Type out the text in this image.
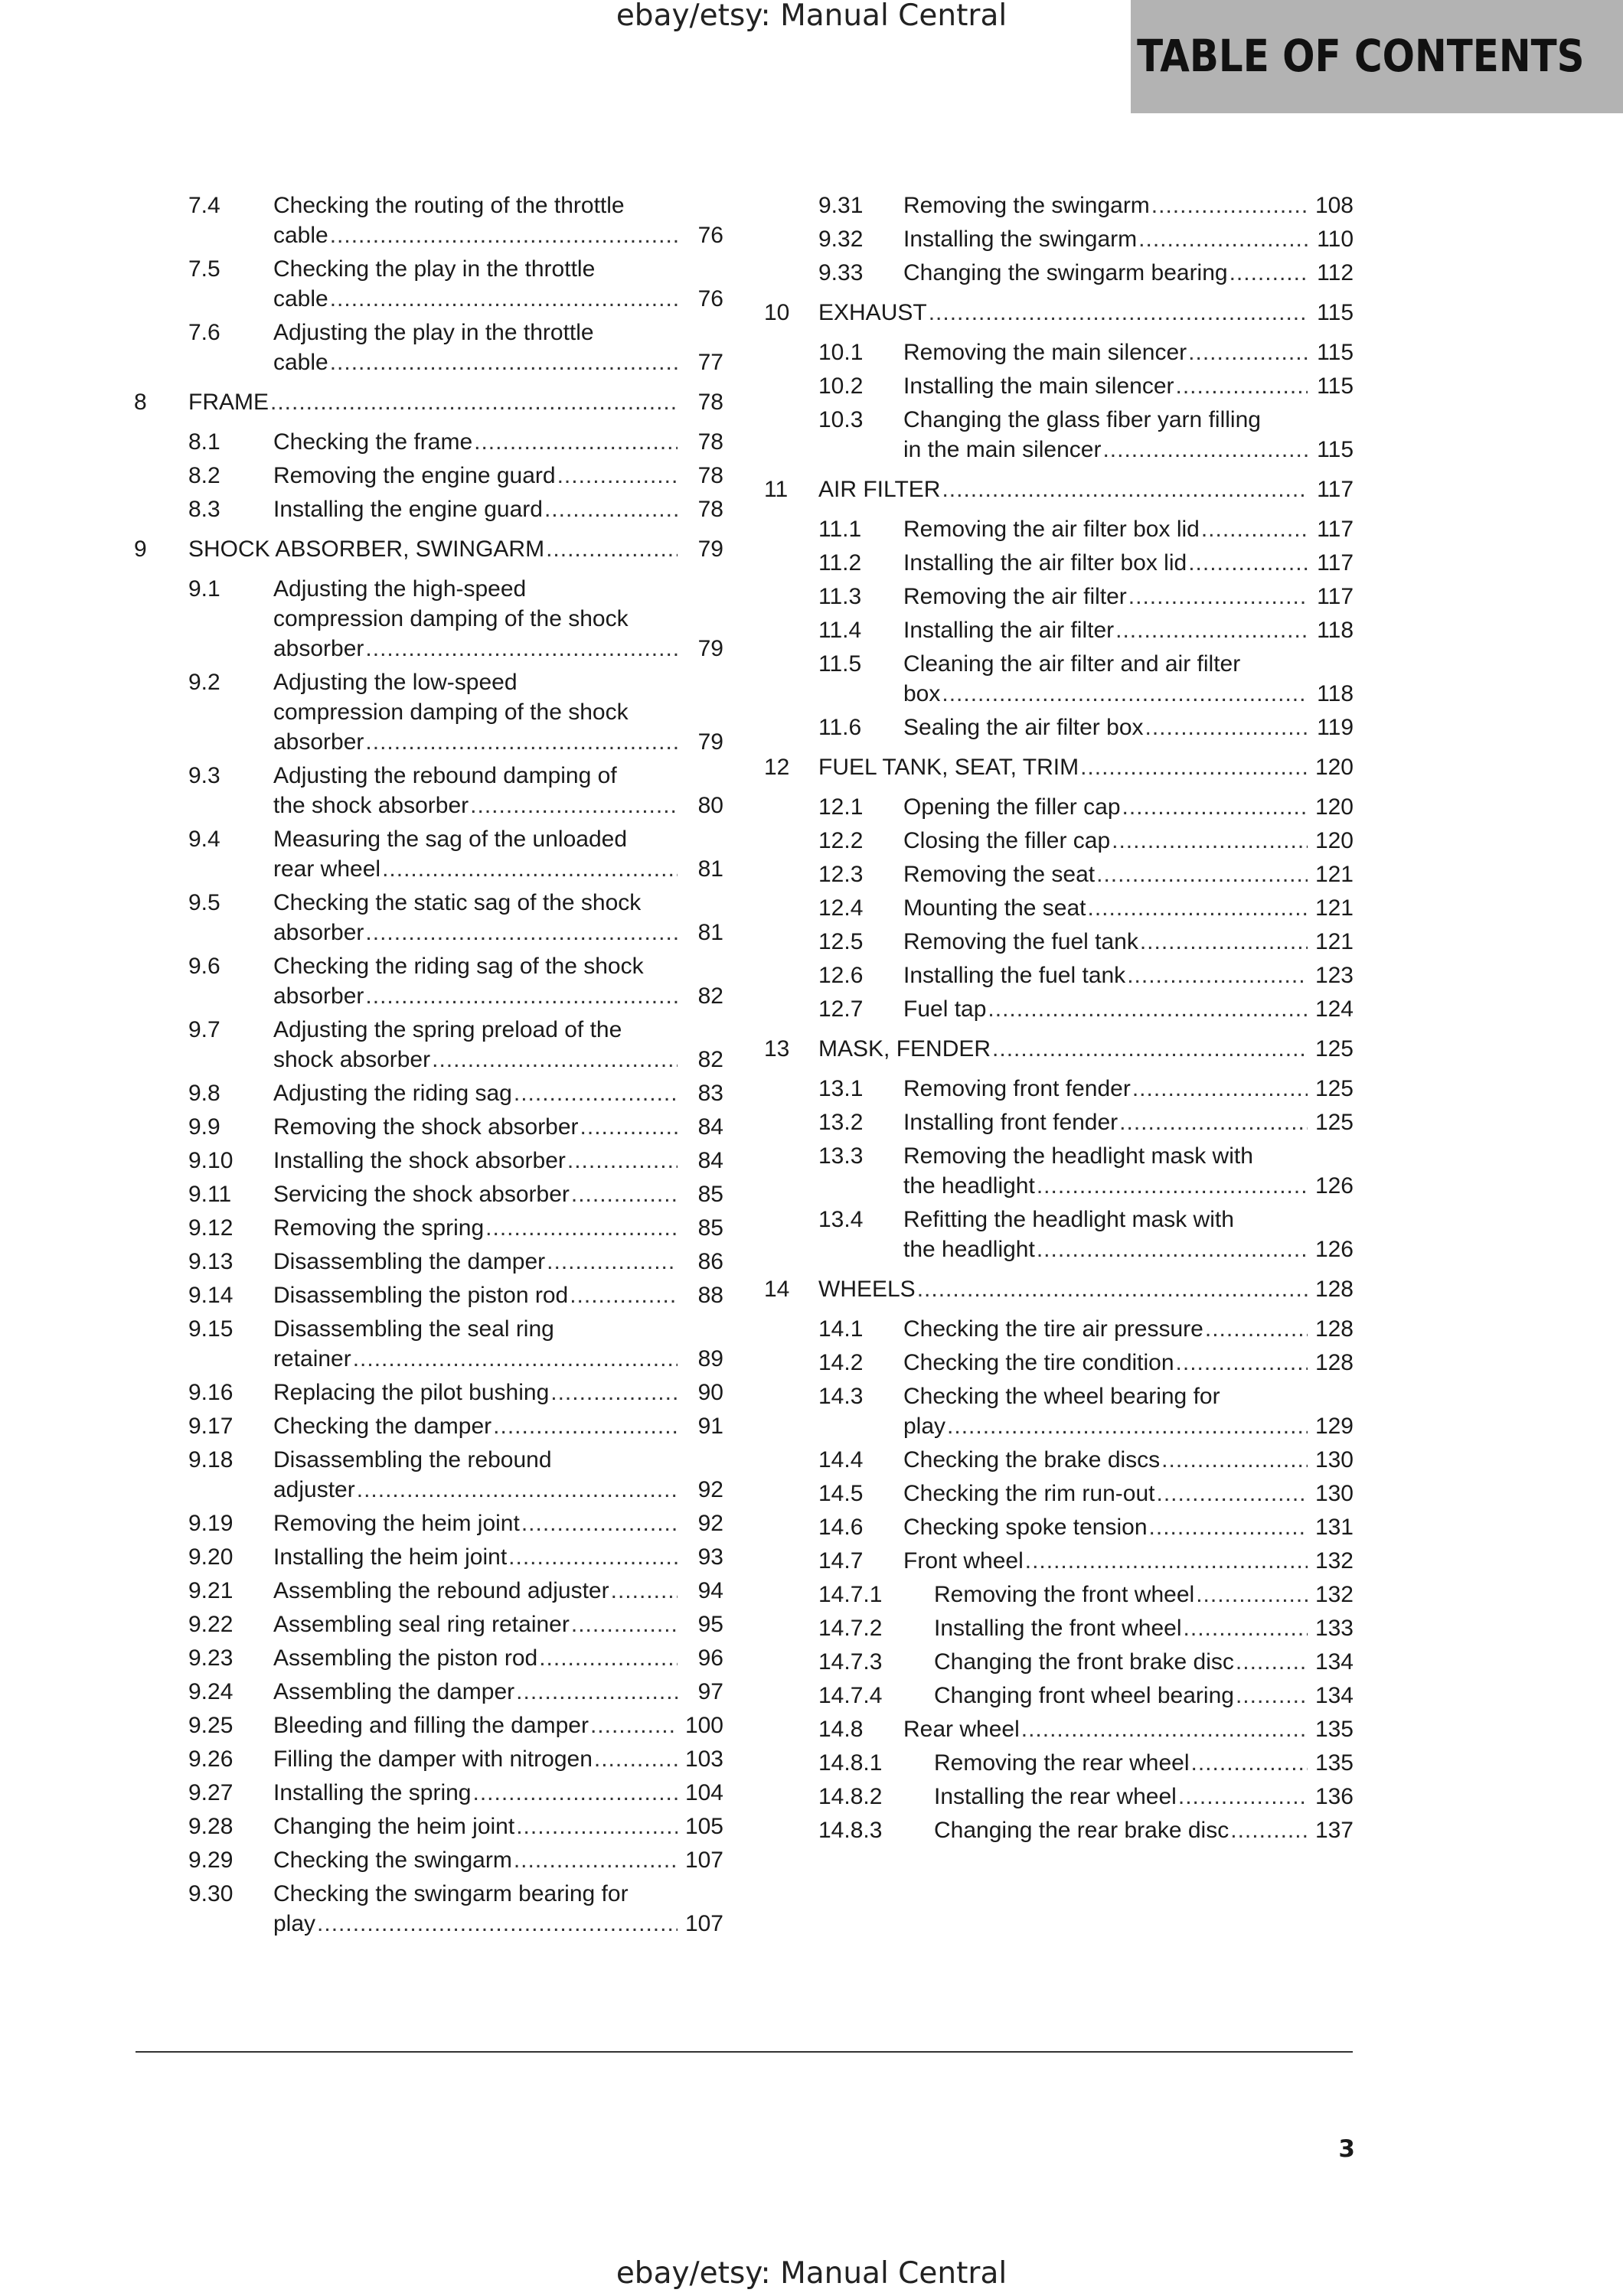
ebay/etsy: Manual Central
TABLE OF CONTENTS
7.4 Checking the routing of the throttle
cable .....	76
7.5 Checking the play in the throttle
cable .....	76
7.6 Adjusting the play in the throttle
cable .....	77
8 FRAME .....	78
8.1 Checking the frame .....	78
8.2 Removing the engine guard .....	78
8.3 Installing the engine guard .....	78
9 SHOCK ABSORBER, SWINGARM .....	79
9.1 Adjusting the high-speed
compression damping of the shock
absorber .....	79
9.2 Adjusting the low-speed
compression damping of the shock
absorber .....	79
9.3 Adjusting the rebound damping of
the shock absorber .....	80
9.4 Measuring the sag of the unloaded
rear wheel .....	81
9.5 Checking the static sag of the shock
absorber .....	81
9.6 Checking the riding sag of the shock
absorber .....	82
9.7 Adjusting the spring preload of the
shock absorber .....	82
9.8 Adjusting the riding sag .....	83
9.9 Removing the shock absorber .....	84
9.10 Installing the shock absorber .....	84
9.11 Servicing the shock absorber .....	85
9.12 Removing the spring .....	85
9.13 Disassembling the damper .....	86
9.14 Disassembling the piston rod .....	88
9.15 Disassembling the seal ring
retainer .....	89
9.16 Replacing the pilot bushing .....	90
9.17 Checking the damper .....	91
9.18 Disassembling the rebound
adjuster .....	92
9.19 Removing the heim joint .....	92
9.20 Installing the heim joint .....	93
9.21 Assembling the rebound adjuster .....	94
9.22 Assembling seal ring retainer .....	95
9.23 Assembling the piston rod .....	96
9.24 Assembling the damper .....	97
9.25 Bleeding and filling the damper .....	100
9.26 Filling the damper with nitrogen .....	103
9.27 Installing the spring .....	104
9.28 Changing the heim joint .....	105
9.29 Checking the swingarm .....	107
9.30 Checking the swingarm bearing for
play .....	107
9.31 Removing the swingarm .....	108
9.32 Installing the swingarm .....	110
9.33 Changing the swingarm bearing .....	112
10 EXHAUST .....	115
10.1 Removing the main silencer .....	115
10.2 Installing the main silencer .....	115
10.3 Changing the glass fiber yarn filling
in the main silencer .....	115
11 AIR FILTER .....	117
11.1 Removing the air filter box lid .....	117
11.2 Installing the air filter box lid .....	117
11.3 Removing the air filter .....	117
11.4 Installing the air filter .....	118
11.5 Cleaning the air filter and air filter
box .....	118
11.6 Sealing the air filter box .....	119
12 FUEL TANK, SEAT, TRIM .....	120
12.1 Opening the filler cap .....	120
12.2 Closing the filler cap .....	120
12.3 Removing the seat .....	121
12.4 Mounting the seat .....	121
12.5 Removing the fuel tank .....	121
12.6 Installing the fuel tank .....	123
12.7 Fuel tap .....	124
13 MASK, FENDER .....	125
13.1 Removing front fender .....	125
13.2 Installing front fender .....	125
13.3 Removing the headlight mask with
the headlight .....	126
13.4 Refitting the headlight mask with
the headlight .....	126
14 WHEELS .....	128
14.1 Checking the tire air pressure .....	128
14.2 Checking the tire condition .....	128
14.3 Checking the wheel bearing for
play .....	129
14.4 Checking the brake discs .....	130
14.5 Checking the rim run-out .....	130
14.6 Checking spoke tension .....	131
14.7 Front wheel .....	132
14.7.1 Removing the front wheel .....	132
14.7.2 Installing the front wheel .....	133
14.7.3 Changing the front brake disc .....	134
14.7.4 Changing front wheel bearing .....	134
14.8 Rear wheel .....	135
14.8.1 Removing the rear wheel .....	135
14.8.2 Installing the rear wheel .....	136
14.8.3 Changing the rear brake disc .....	137
3
ebay/etsy: Manual Central
